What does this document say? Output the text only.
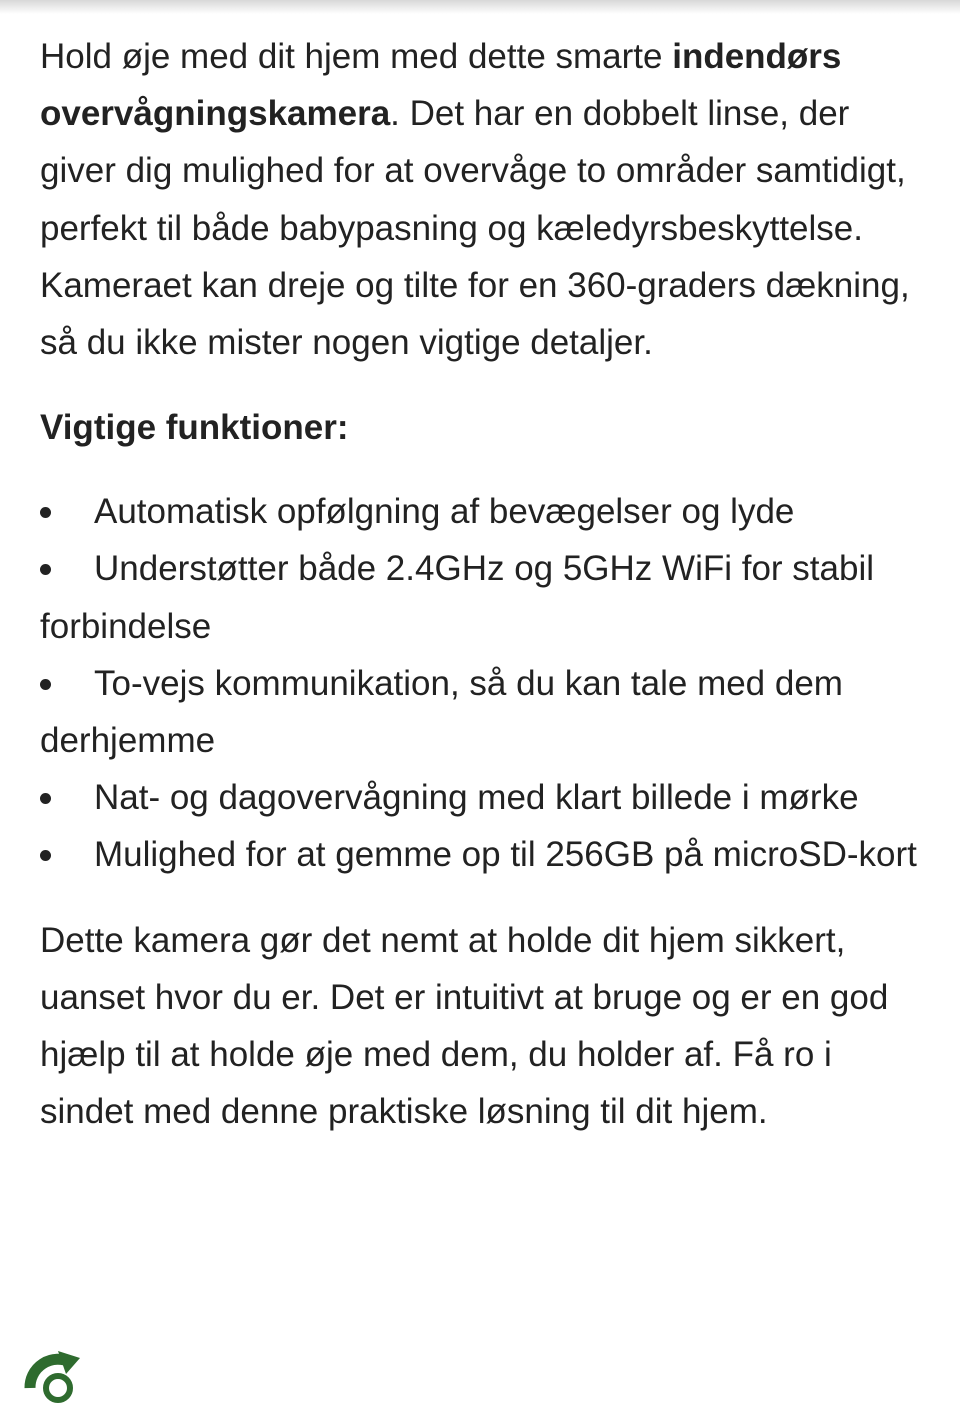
Hold øje med dit hjem med dette smarte indendørs overvågningskamera. Det har en dobbelt linse, der giver dig mulighed for at overvåge to områder samtidigt, perfekt til både babypasning og kæledyrsbeskyttelse. Kameraet kan dreje og tilte for en 360-graders dækning, så du ikke mister nogen vigtige detaljer.

Vigtige funktioner:
Automatisk opfølgning af bevægelser og lyde
Understøtter både 2.4GHz og 5GHz WiFi for stabil forbindelse
To-vejs kommunikation, så du kan tale med dem derhjemme
Nat- og dagovervågning med klart billede i mørke
Mulighed for at gemme op til 256GB på microSD-kort

Dette kamera gør det nemt at holde dit hjem sikkert, uanset hvor du er. Det er intuitivt at bruge og er en god hjælp til at holde øje med dem, du holder af. Få ro i sindet med denne praktiske løsning til dit hjem.
